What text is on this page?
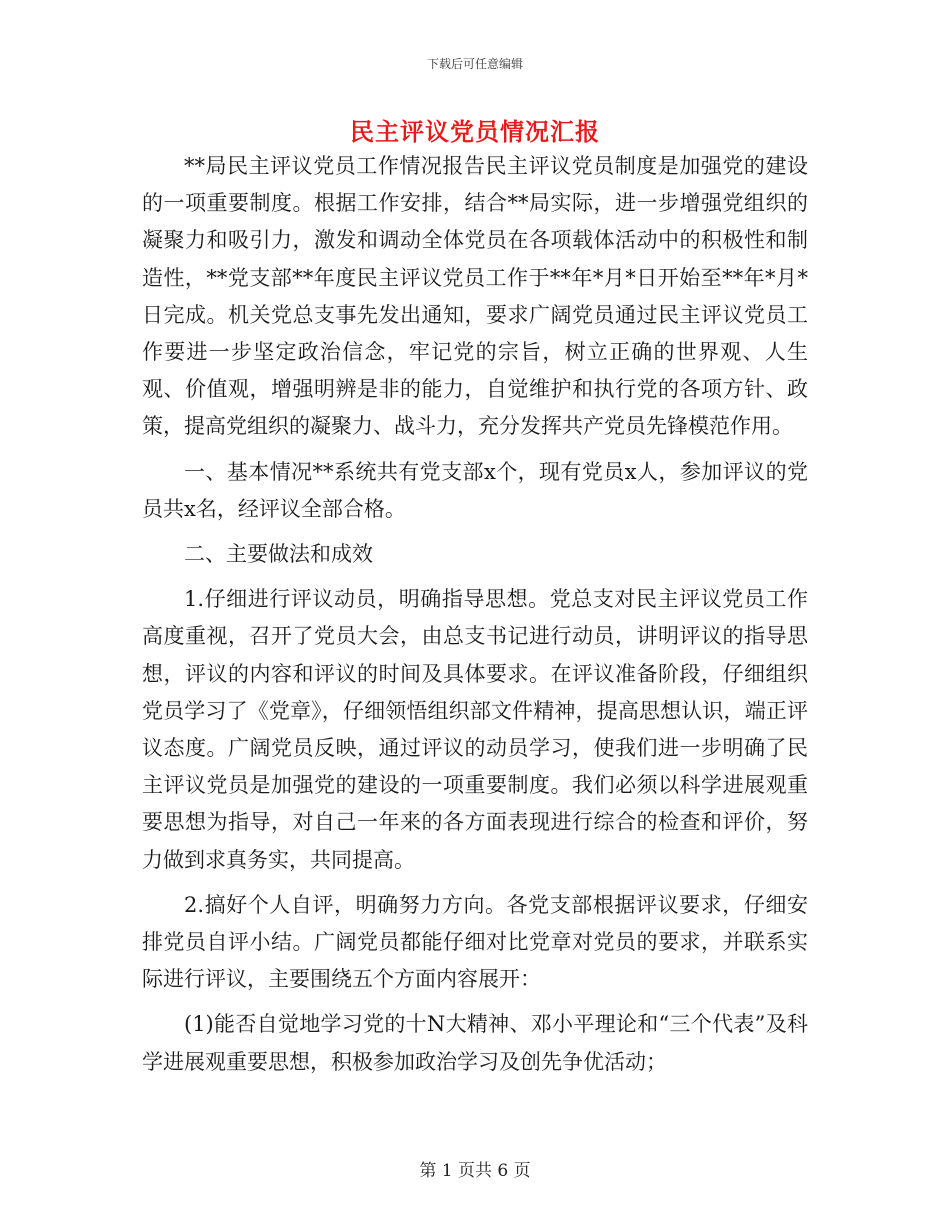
下载后可任意编辑
民主评议党员情况汇报

**局民主评议党员工作情况报告民主评议党员制度是加强党的建设的一项重要制度。根据工作安排，结合**局实际，进一步增强党组织的凝聚力和吸引力，激发和调动全体党员在各项载体活动中的积极性和制造性，**党支部**年度民主评议党员工作于**年*月*日开始至**年*月*日完成。机关党总支事先发出通知，要求广阔党员通过民主评议党员工作要进一步坚定政治信念，牢记党的宗旨，树立正确的世界观、人生观、价值观，增强明辨是非的能力，自觉维护和执行党的各项方针、政策，提高党组织的凝聚力、战斗力，充分发挥共产党员先锋模范作用。

一、基本情况**系统共有党支部x个，现有党员x人，参加评议的党员共x名，经评议全部合格。

二、主要做法和成效

1.仔细进行评议动员，明确指导思想。党总支对民主评议党员工作高度重视，召开了党员大会，由总支书记进行动员，讲明评议的指导思想，评议的内容和评议的时间及具体要求。在评议准备阶段，仔细组织党员学习了《党章》，仔细领悟组织部文件精神，提高思想认识，端正评议态度。广阔党员反映，通过评议的动员学习，使我们进一步明确了民主评议党员是加强党的建设的一项重要制度。我们必须以科学进展观重要思想为指导，对自己一年来的各方面表现进行综合的检查和评价，努力做到求真务实，共同提高。

2.搞好个人自评，明确努力方向。各党支部根据评议要求，仔细安排党员自评小结。广阔党员都能仔细对比党章对党员的要求，并联系实际进行评议，主要围绕五个方面内容展开：

(1)能否自觉地学习党的十N大精神、邓小平理论和“三个代表”及科学进展观重要思想，积极参加政治学习及创先争优活动；

第 1 页共 6 页
